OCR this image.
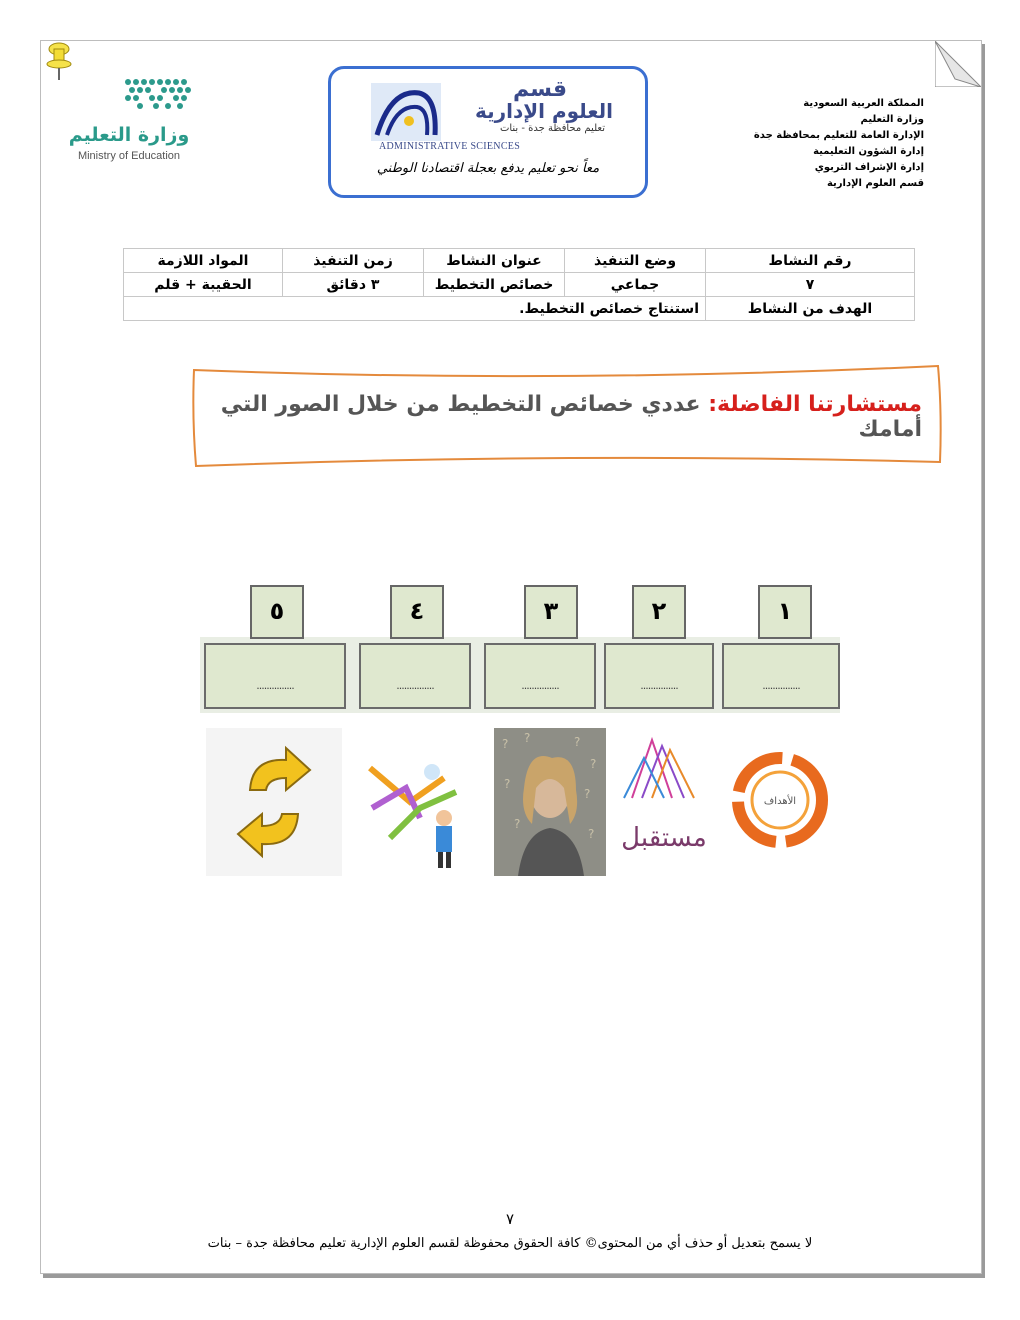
وزارة التعليم
Ministry of Education
قسم
العلوم الإدارية
تعليم محافظة جدة - بنات
ADMINISTRATIVE SCIENCES
معاً نحو تعليم يدفع بعجلة اقتصادنا الوطني
المملكة العربية السعودية
وزارة التعليم
الإدارة العامة للتعليم بمحافظة جدة
إدارة الشؤون التعليمية
إدارة الإشراف التربوي
قسم العلوم الإدارية
رقم النشاط	وضع التنفيذ	عنوان النشاط	زمن التنفيذ	المواد اللازمة
٧	جماعي	خصائص التخطيط	٣ دقائق	الحقيبة + قلم
الهدف من النشاط	استنتاج خصائص التخطيط.			
مستشارتنا الفاضلة: عددي خصائص التخطيط من خلال الصور التي أمامك
١
٢
٣
٤
٥
...............
...............
...............
...............
...............
الأهداف
مستقبل
? ?	?
?
?
?
?
?
٧
لا يسمح بتعديل أو حذف أي من المحتوى© كافة الحقوق محفوظة لقسم العلوم الإدارية تعليم محافظة جدة – بنات
